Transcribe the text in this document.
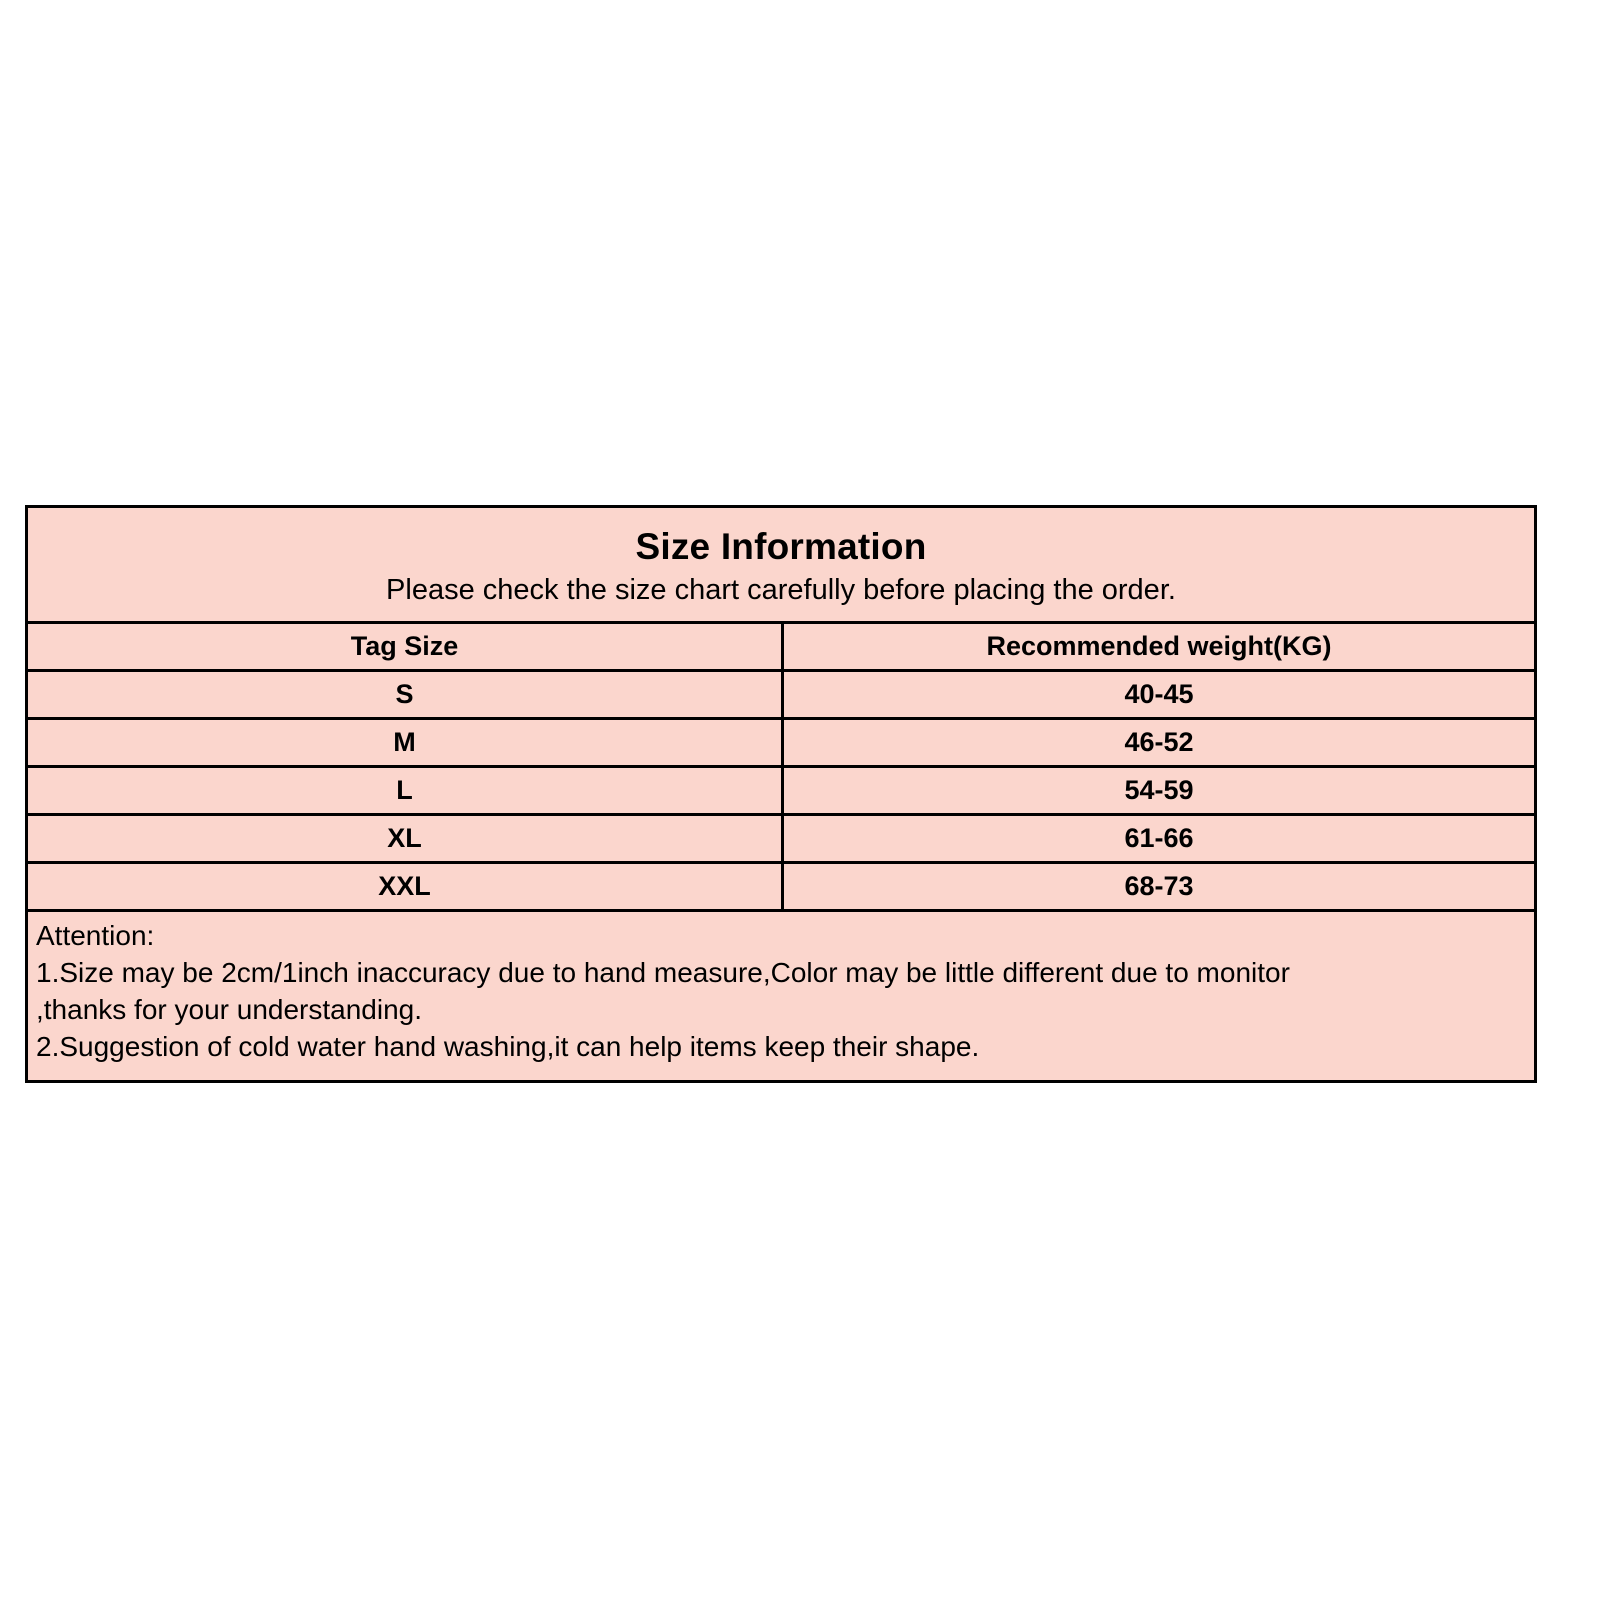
Size Information
Please check the size chart carefully before placing the order.
Tag Size	Recommended weight(KG)
S	40-45
M	46-52
L	54-59
XL	61-66
XXL	68-73
Attention:
1.Size may be 2cm/1inch inaccuracy due to hand measure,Color may be little different due to monitor
,thanks for your understanding.
2.Suggestion of cold water hand washing,it can help items keep their shape.
